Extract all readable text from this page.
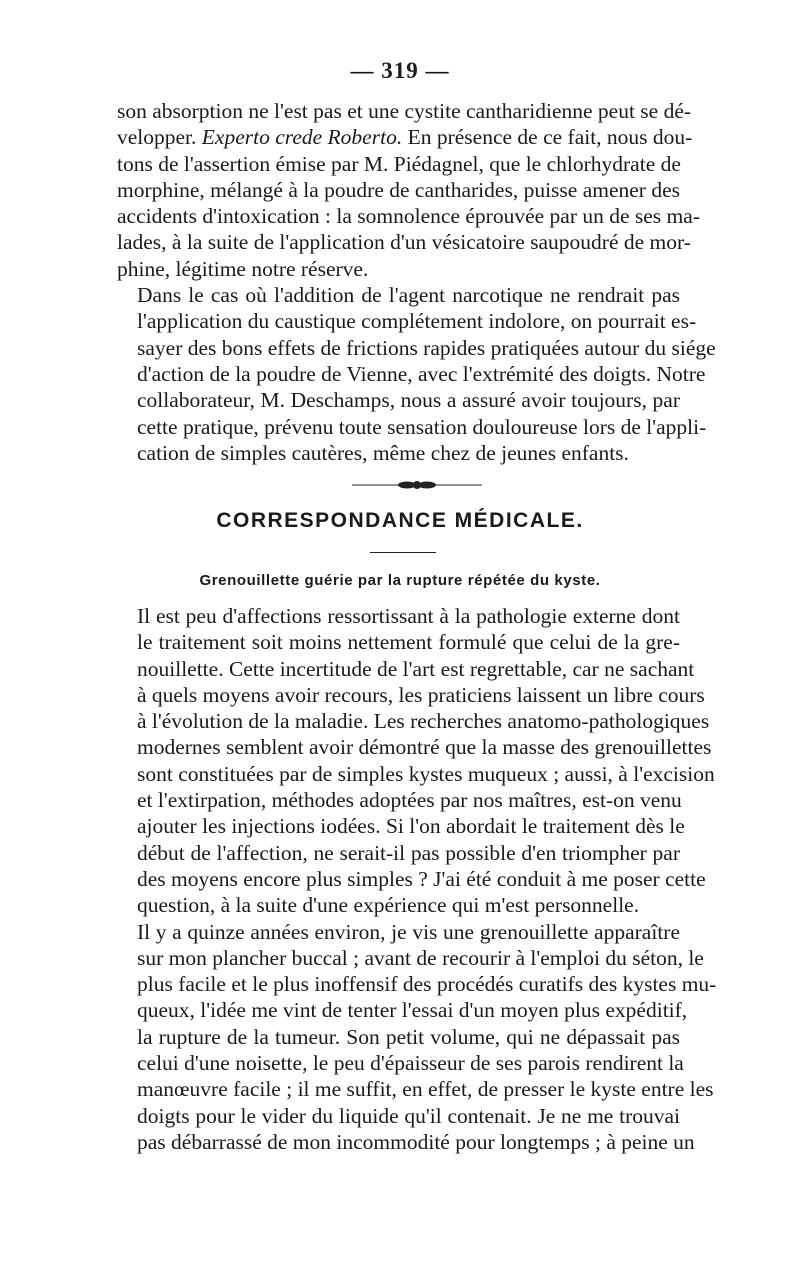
— 319 —

son absorption ne l'est pas et une cystite cantharidienne peut se dé-
velopper. Experto crede Roberto. En présence de ce fait, nous dou-
tons de l'assertion émise par M. Piédagnel, que le chlorhydrate de
morphine, mélangé à la poudre de cantharides, puisse amener des
accidents d'intoxication : la somnolence éprouvée par un de ses ma-
lades, à la suite de l'application d'un vésicatoire saupoudré de mor-
phine, légitime notre réserve.

Dans le cas où l'addition de l'agent narcotique ne rendrait pas
l'application du caustique complétement indolore, on pourrait es-
sayer des bons effets de frictions rapides pratiquées autour du siége
d'action de la poudre de Vienne, avec l'extrémité des doigts. Notre
collaborateur, M. Deschamps, nous a assuré avoir toujours, par
cette pratique, prévenu toute sensation douloureuse lors de l'appli-
cation de simples cautères, même chez de jeunes enfants.

CORRESPONDANCE MÉDICALE.
Grenouillette guérie par la rupture répétée du kyste.

Il est peu d'affections ressortissant à la pathologie externe dont
le traitement soit moins nettement formulé que celui de la gre-
nouillette. Cette incertitude de l'art est regrettable, car ne sachant
à quels moyens avoir recours, les praticiens laissent un libre cours
à l'évolution de la maladie. Les recherches anatomo-pathologiques
modernes semblent avoir démontré que la masse des grenouillettes
sont constituées par de simples kystes muqueux ; aussi, à l'excision
et l'extirpation, méthodes adoptées par nos maîtres, est-on venu
ajouter les injections iodées. Si l'on abordait le traitement dès le
début de l'affection, ne serait-il pas possible d'en triompher par
des moyens encore plus simples ? J'ai été conduit à me poser cette
question, à la suite d'une expérience qui m'est personnelle.

Il y a quinze années environ, je vis une grenouillette apparaître
sur mon plancher buccal ; avant de recourir à l'emploi du séton, le
plus facile et le plus inoffensif des procédés curatifs des kystes mu-
queux, l'idée me vint de tenter l'essai d'un moyen plus expéditif,
la rupture de la tumeur. Son petit volume, qui ne dépassait pas
celui d'une noisette, le peu d'épaisseur de ses parois rendirent la
manœuvre facile ; il me suffit, en effet, de presser le kyste entre les
doigts pour le vider du liquide qu'il contenait. Je ne me trouvai
pas débarrassé de mon incommodité pour longtemps ; à peine un
